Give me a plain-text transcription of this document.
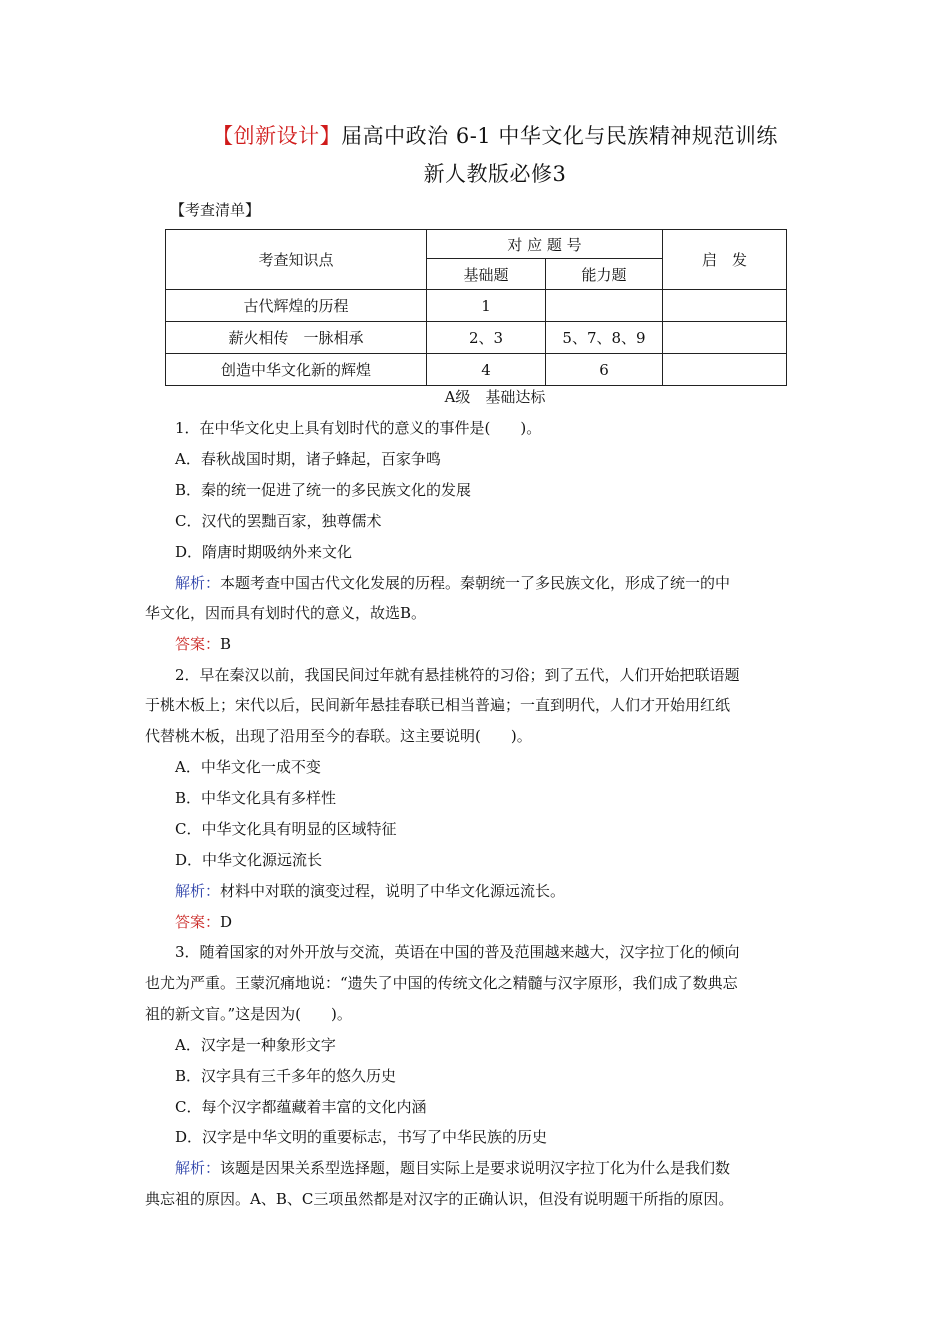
【创新设计】届高中政治 6-1 中华文化与民族精神规范训练
新人教版必修3
【考查清单】
考查知识点	对 应 题 号		启　发
	基础题	能力题	
古代辉煌的历程	1		
薪火相传　一脉相承	2、3	5、7、8、9	
创造中华文化新的辉煌	4	6	
A级　基础达标
1．在中华文化史上具有划时代的意义的事件是(　　)。
A．春秋战国时期，诸子蜂起，百家争鸣
B．秦的统一促进了统一的多民族文化的发展
C．汉代的罢黜百家，独尊儒术
D．隋唐时期吸纳外来文化
解析：本题考查中国古代文化发展的历程。秦朝统一了多民族文化，形成了统一的中
华文化，因而具有划时代的意义，故选B。
答案：B
2．早在秦汉以前，我国民间过年就有悬挂桃符的习俗；到了五代，人们开始把联语题
于桃木板上；宋代以后，民间新年悬挂春联已相当普遍；一直到明代，人们才开始用红纸
代替桃木板，出现了沿用至今的春联。这主要说明(　　)。
A．中华文化一成不变
B．中华文化具有多样性
C．中华文化具有明显的区域特征
D．中华文化源远流长
解析：材料中对联的演变过程，说明了中华文化源远流长。
答案：D
3．随着国家的对外开放与交流，英语在中国的普及范围越来越大，汉字拉丁化的倾向
也尤为严重。王蒙沉痛地说：“遗失了中国的传统文化之精髓与汉字原形，我们成了数典忘
祖的新文盲。”这是因为(　　)。
A．汉字是一种象形文字
B．汉字具有三千多年的悠久历史
C．每个汉字都蕴藏着丰富的文化内涵
D．汉字是中华文明的重要标志，书写了中华民族的历史
解析：该题是因果关系型选择题，题目实际上是要求说明汉字拉丁化为什么是我们数
典忘祖的原因。A、B、C三项虽然都是对汉字的正确认识，但没有说明题干所指的原因。
